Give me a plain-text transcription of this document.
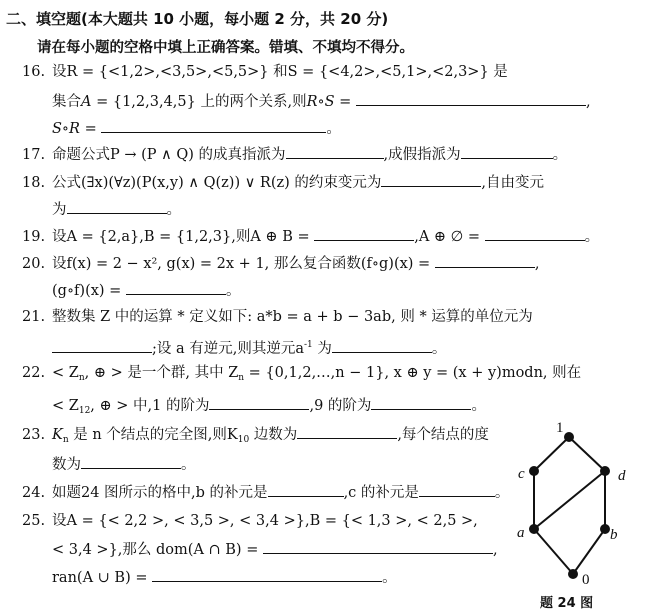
二、填空题(本大题共 10 小题，每小题 2 分，共 20 分)
请在每小题的空格中填上正确答案。错填、不填均不得分。
16. 设R = {<1,2>,<3,5>,<5,5>} 和S = {<4,2>,<5,1>,<2,3>} 是
集合A = {1,2,3,4,5} 上的两个关系,则R∘S =	,
S∘R =	。
17. 命题公式P → (P ∧ Q) 的成真指派为	,成假指派为	。
18. 公式(∃x)(∀z)(P(x,y) ∧ Q(z)) ∨ R(z) 的约束变元为	,自由变元
为	。
19. 设A = {2,a},B = {1,2,3},则A ⊕ B =	,A ⊕ ∅ =	。
20. 设f(x) = 2 − x², g(x) = 2x + 1, 那么复合函数(f∘g)(x) =	,
(g∘f)(x) =	。
21. 整数集 Z 中的运算 * 定义如下: a*b = a + b − 3ab, 则 * 运算的单位元为
;设 a 有逆元,则其逆元$a^{-1}$ 为	。
22. < $Z_n$, ⊕ > 是一个群, 其中 $Z_n$ = {0,1,2,…,n − 1}, x ⊕ y = (x + y)modn, 则在
< $Z_{12}$, ⊕ > 中,1 的阶为	,9 的阶为	。
23. $K_n$ 是 n 个结点的完全图,则$K_{10}$ 边数为	,每个结点的度
数为	。
24. 如题24 图所示的格中,b 的补元是	,c 的补元是	。
25. 设A = {< 2,2 >, < 3,5 >, < 3,4 >},B = {< 1,3 >, < 2,5 >,
< 3,4 >},那么 dom(A ∩ B) =	,
ran(A ∪ B) =	。
1
c	d
a	b
0
题 24 图
